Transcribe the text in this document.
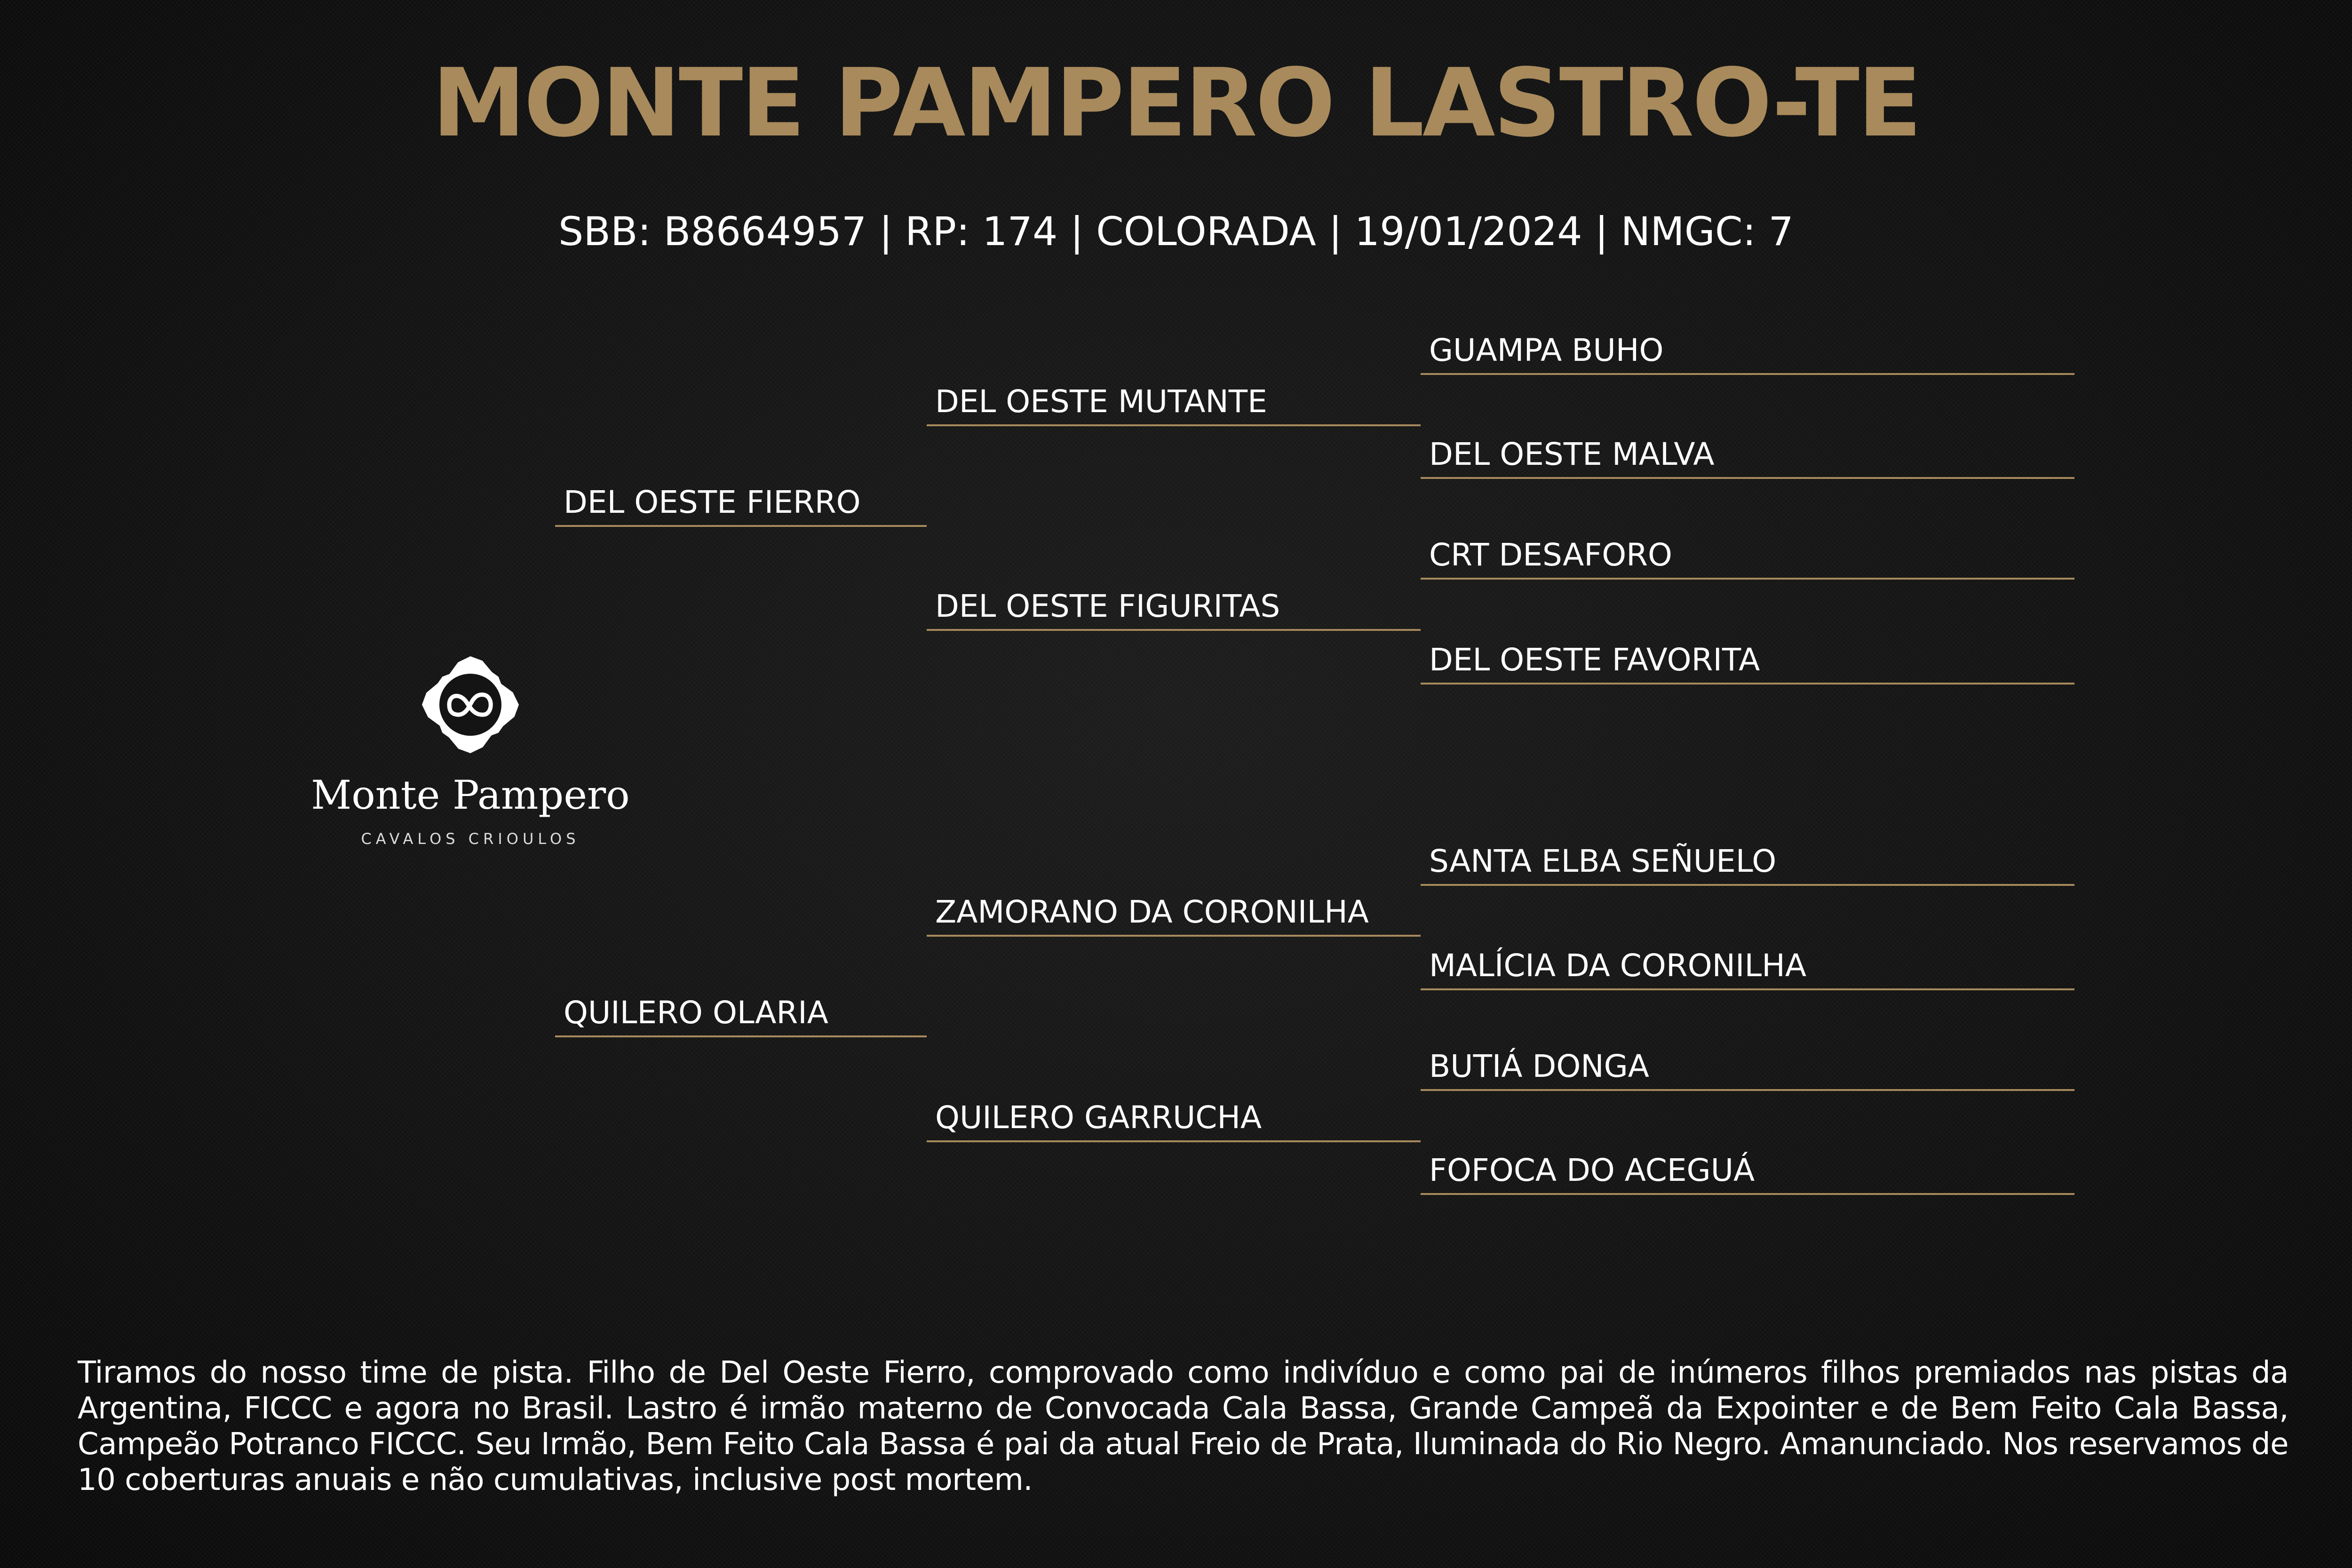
MONTE PAMPERO LASTRO-TE
SBB: B8664957 | RP: 174 | COLORADA | 19/01/2024 | NMGC: 7
DEL OESTE FIERRO
QUILERO OLARIA
DEL OESTE MUTANTE
DEL OESTE FIGURITAS
ZAMORANO DA CORONILHA
QUILERO GARRUCHA
GUAMPA BUHO
DEL OESTE MALVA
CRT DESAFORO
DEL OESTE FAVORITA
SANTA ELBA SEÑUELO
MALÍCIA DA CORONILHA
BUTIÁ DONGA
FOFOCA DO ACEGUÁ
Monte Pampero
CAVALOS CRIOULOS
Tiramos do nosso time de pista. Filho de Del Oeste Fierro, comprovado como indivíduo e como pai de inúmeros filhos premiados nas pistas da Argentina, FICCC e agora no Brasil. Lastro é irmão materno de Convocada Cala Bassa, Grande Campeã da Expointer e de Bem Feito Cala Bassa, Campeão Potranco FICCC. Seu Irmão, Bem Feito Cala Bassa é pai da atual Freio de Prata, Iluminada do Rio Negro. Amanunciado. Nos reservamos de 10 coberturas anuais e não cumulativas, inclusive post mortem.
